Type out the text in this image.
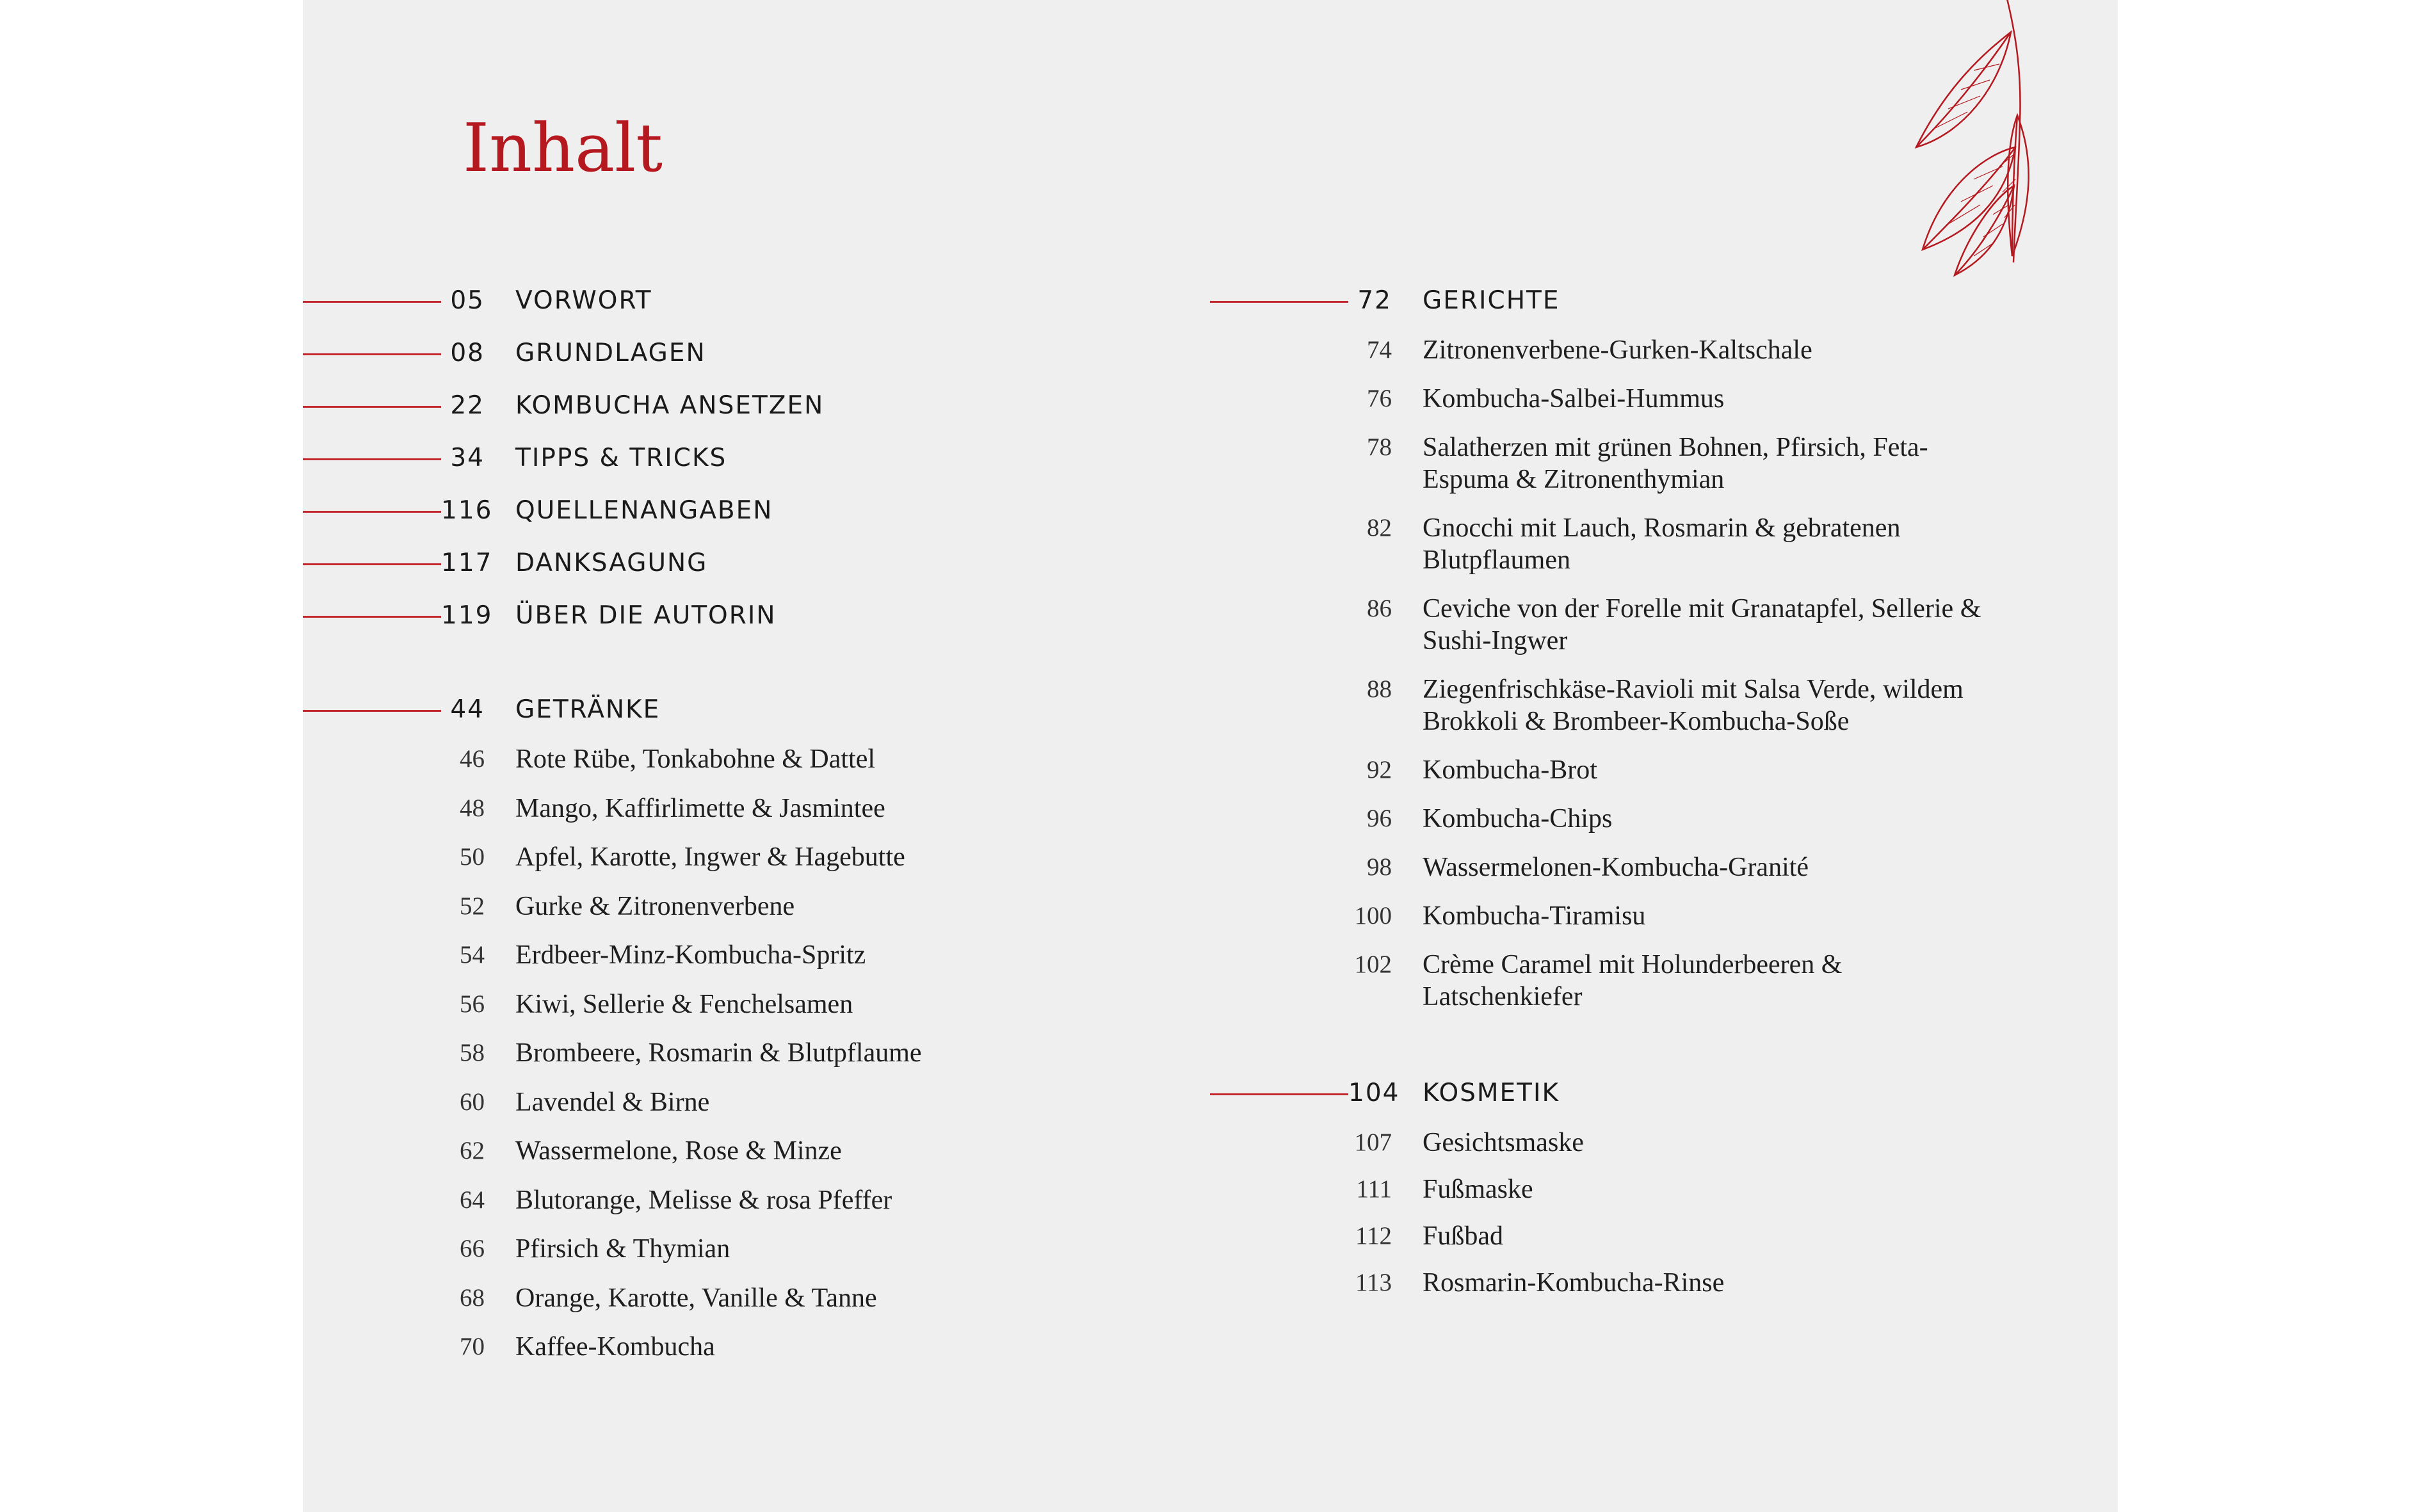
Inhalt
05 VORWORT
08 GRUNDLAGEN
22 KOMBUCHA ANSETZEN
34 TIPPS & TRICKS
116 QUELLENANGABEN
117 DANKSAGUNG
119 ÜBER DIE AUTORIN
44 GETRÄNKE
46 Rote Rübe, Tonkabohne & Dattel
48 Mango, Kaffirlimette & Jasmintee
50 Apfel, Karotte, Ingwer & Hagebutte
52 Gurke & Zitronenverbene
54 Erdbeer-Minz-Kombucha-Spritz
56 Kiwi, Sellerie & Fenchelsamen
58 Brombeere, Rosmarin & Blutpflaume
60 Lavendel & Birne
62 Wassermelone, Rose & Minze
64 Blutorange, Melisse & rosa Pfeffer
66 Pfirsich & Thymian
68 Orange, Karotte, Vanille & Tanne
70 Kaffee-Kombucha
72 GERICHTE
74 Zitronenverbene-Gurken-Kaltschale
76 Kombucha-Salbei-Hummus
78 Salatherzen mit grünen Bohnen, Pfirsich, Feta-Espuma & Zitronenthymian
82 Gnocchi mit Lauch, Rosmarin & gebratenen Blutpflaumen
86 Ceviche von der Forelle mit Granatapfel, Sellerie & Sushi-Ingwer
88 Ziegenfrischkäse-Ravioli mit Salsa Verde, wildem Brokkoli & Brombeer-Kombucha-Soße
92 Kombucha-Brot
96 Kombucha-Chips
98 Wassermelonen-Kombucha-Granité
100 Kombucha-Tiramisu
102 Crème Caramel mit Holunderbeeren & Latschenkiefer
104 KOSMETIK
107 Gesichtsmaske
111 Fußmaske
112 Fußbad
113 Rosmarin-Kombucha-Rinse
